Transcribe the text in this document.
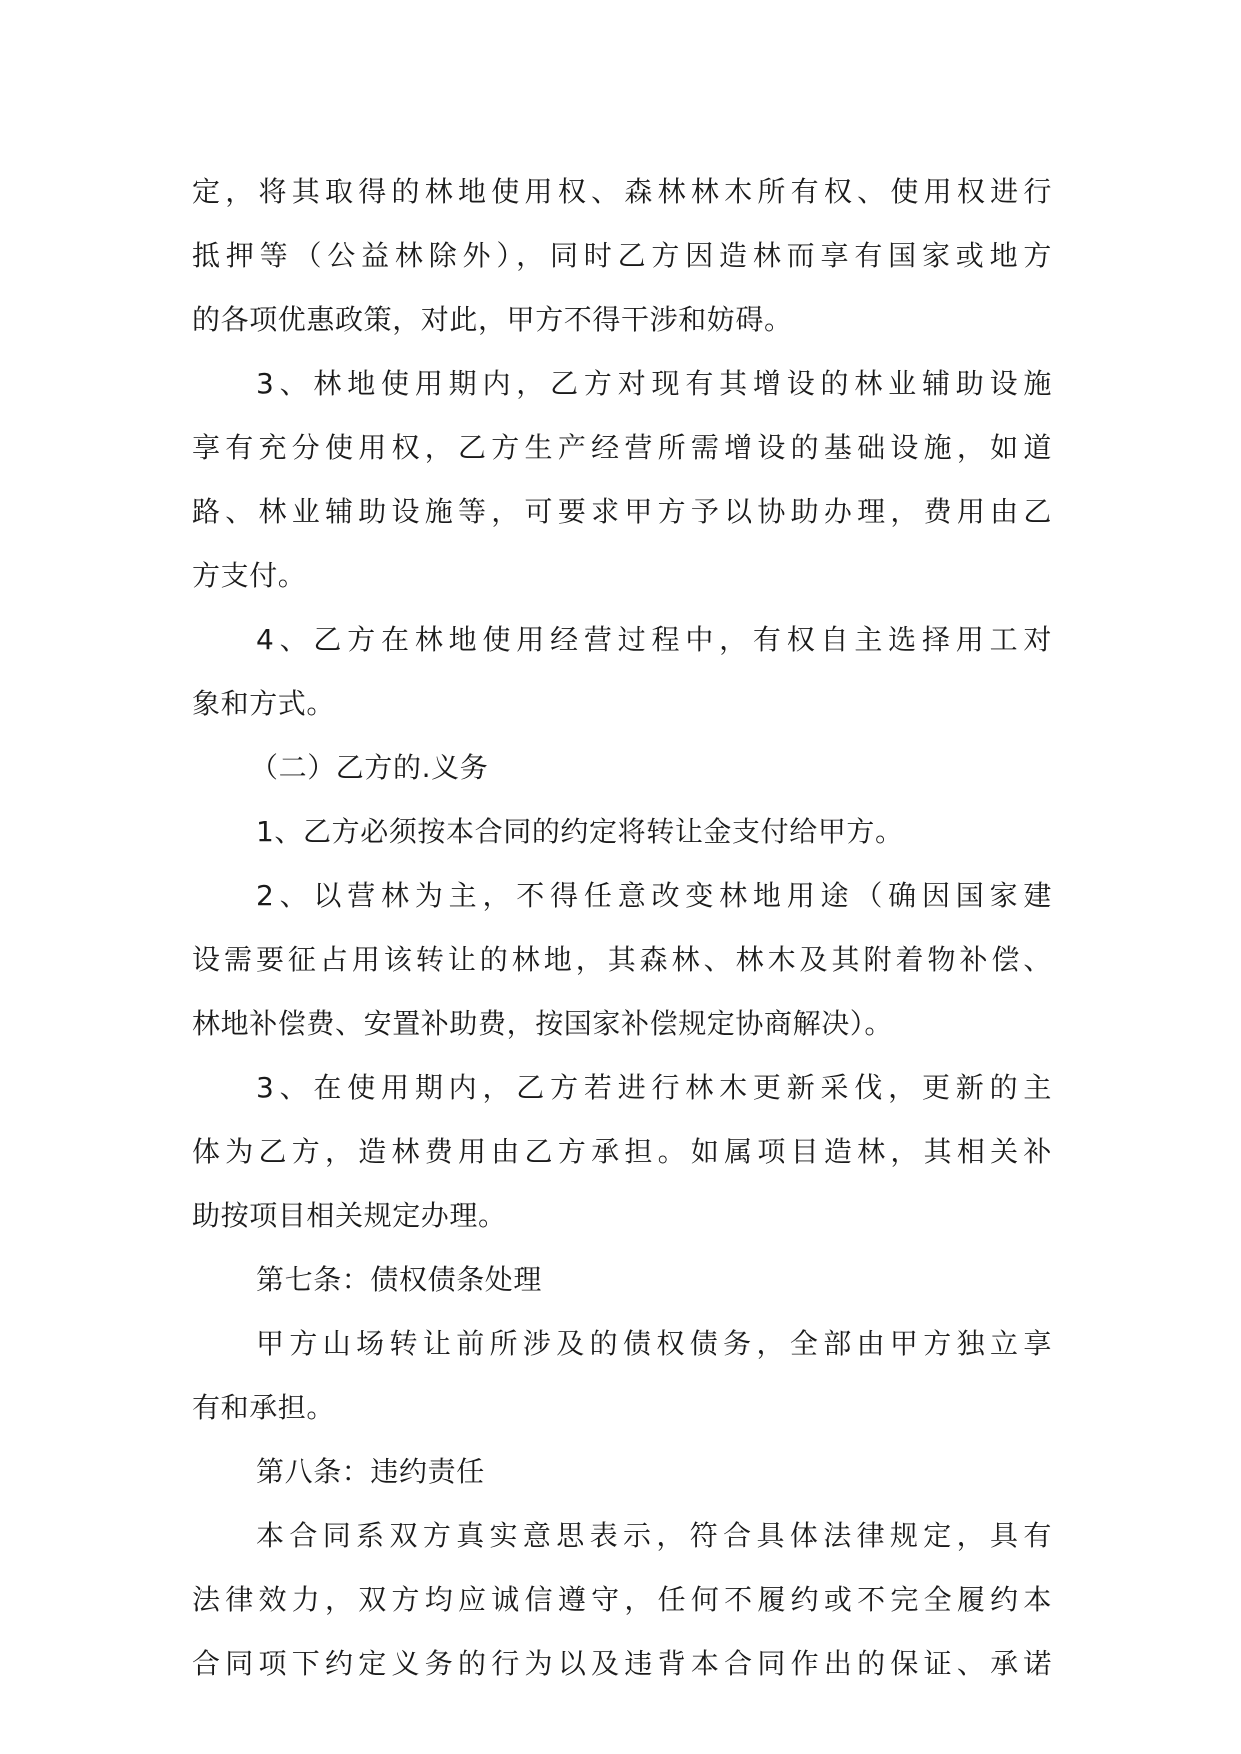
定，将其取得的林地使用权、森林林木所有权、使用权进行
抵押等（公益林除外），同时乙方因造林而享有国家或地方
的各项优惠政策，对此，甲方不得干涉和妨碍。
3、林地使用期内，乙方对现有其增设的林业辅助设施
享有充分使用权，乙方生产经营所需增设的基础设施，如道
路、林业辅助设施等，可要求甲方予以协助办理，费用由乙
方支付。
4、乙方在林地使用经营过程中，有权自主选择用工对
象和方式。
（二）乙方的.义务
1、乙方必须按本合同的约定将转让金支付给甲方。
2、以营林为主，不得任意改变林地用途（确因国家建
设需要征占用该转让的林地，其森林、林木及其附着物补偿、
林地补偿费、安置补助费，按国家补偿规定协商解决）。
3、在使用期内，乙方若进行林木更新采伐，更新的主
体为乙方，造林费用由乙方承担。如属项目造林，其相关补
助按项目相关规定办理。
第七条：债权债条处理
甲方山场转让前所涉及的债权债务，全部由甲方独立享
有和承担。
第八条：违约责任
本合同系双方真实意思表示，符合具体法律规定，具有
法律效力，双方均应诚信遵守，任何不履约或不完全履约本
合同项下约定义务的行为以及违背本合同作出的保证、承诺
